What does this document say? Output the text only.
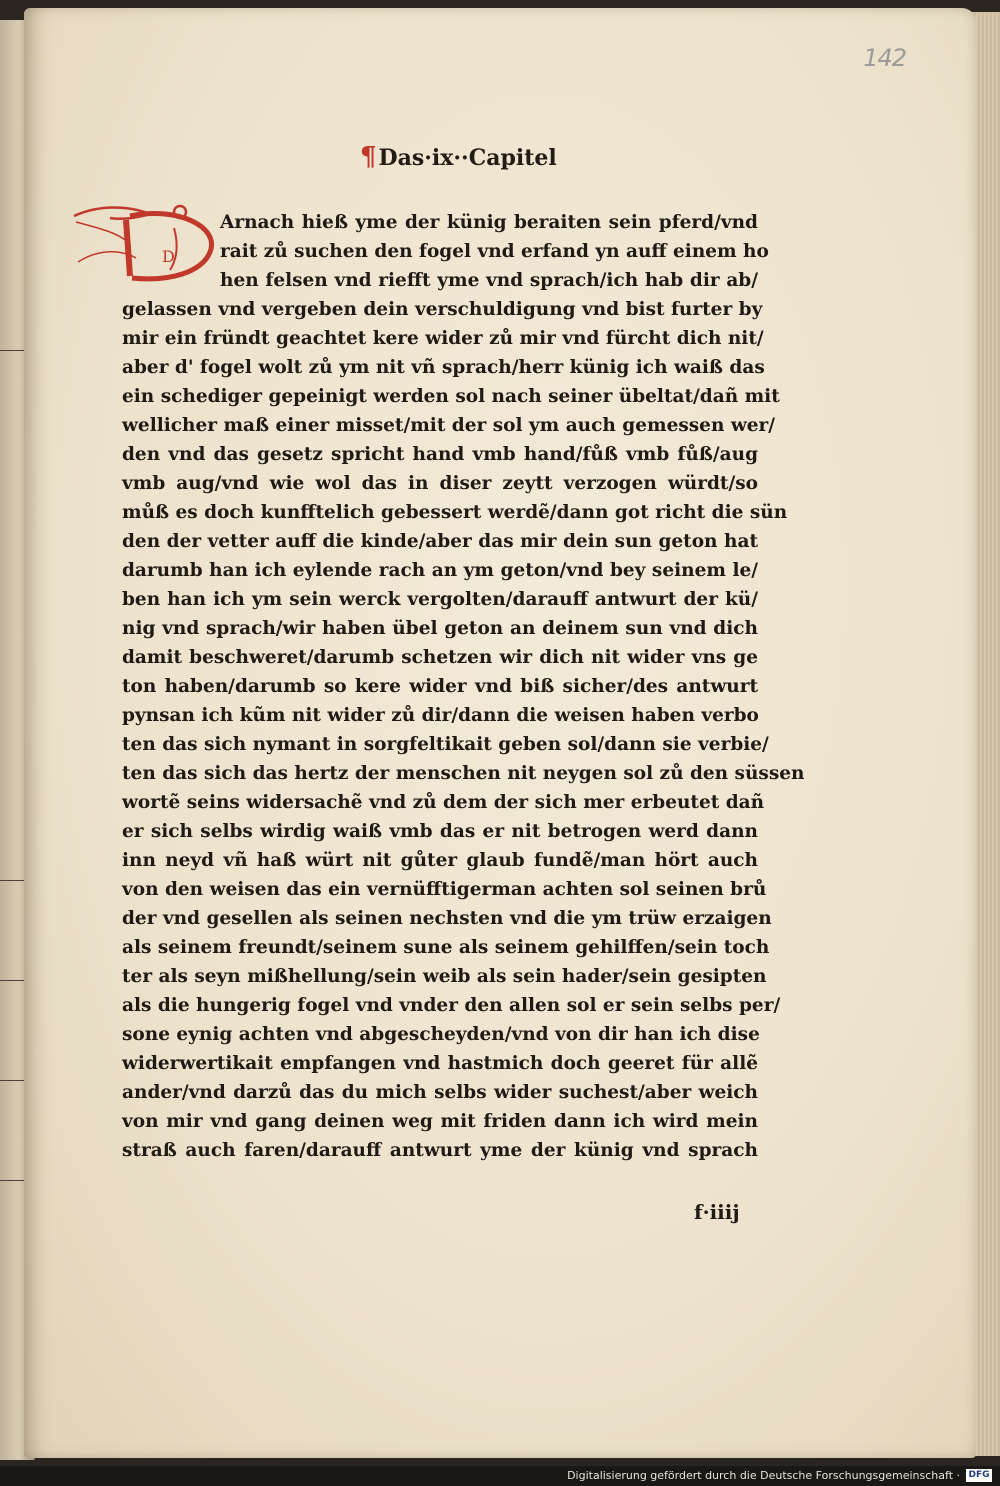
142
¶Das·ix··Capitel
D
Arnach hieß yme der künig beraiten sein pferd/vnd
rait zů suchen den fogel vnd erfand yn auff einem ho
hen felsen vnd riefft yme vnd sprach/ich hab dir ab/
gelassen vnd vergeben dein verschuldigung vnd bist furter by
mir ein fründt geachtet kere wider zů mir vnd fürcht dich nit/
aber d' fogel wolt zů ym nit vñ sprach/herr künig ich waiß das
ein schediger gepeinigt werden sol nach seiner übeltat/dañ mit
wellicher maß einer misset/mit der sol ym auch gemessen wer/
den vnd das gesetz spricht hand vmb hand/fůß vmb fůß/aug
vmb aug/vnd wie wol das in diser zeytt verzogen würdt/so
můß es doch kunfftelich gebessert werdẽ/dann got richt die sün
den der vetter auff die kinde/aber das mir dein sun geton hat
darumb han ich eylende rach an ym geton/vnd bey seinem le/
ben han ich ym sein werck vergolten/darauff antwurt der kü/
nig vnd sprach/wir haben übel geton an deinem sun vnd dich
damit beschweret/darumb schetzen wir dich nit wider vns ge
ton haben/darumb so kere wider vnd biß sicher/des antwurt
pynsan ich kũm nit wider zů dir/dann die weisen haben verbo
ten das sich nymant in sorgfeltikait geben sol/dann sie verbie/
ten das sich das hertz der menschen nit neygen sol zů den süssen
wortẽ seins widersachẽ vnd zů dem der sich mer erbeutet dañ
er sich selbs wirdig waiß vmb das er nit betrogen werd dann
inn neyd vñ haß würt nit gůter glaub fundẽ/man hört auch
von den weisen das ein vernüfftigerman achten sol seinen brů
der vnd gesellen als seinen nechsten vnd die ym trüw erzaigen
als seinem freundt/seinem sune als seinem gehilffen/sein toch
ter als seyn mißhellung/sein weib als sein hader/sein gesipten
als die hungerig fogel vnd vnder den allen sol er sein selbs per/
sone eynig achten vnd abgescheyden/vnd von dir han ich dise
widerwertikait empfangen vnd hastmich doch geeret für allẽ
ander/vnd darzů das du mich selbs wider suchest/aber weich
von mir vnd gang deinen weg mit friden dann ich wird mein
straß auch faren/darauff antwurt yme der künig vnd sprach
f·iiij
Digitalisierung gefördert durch die Deutsche Forschungsgemeinschaft · DFG
